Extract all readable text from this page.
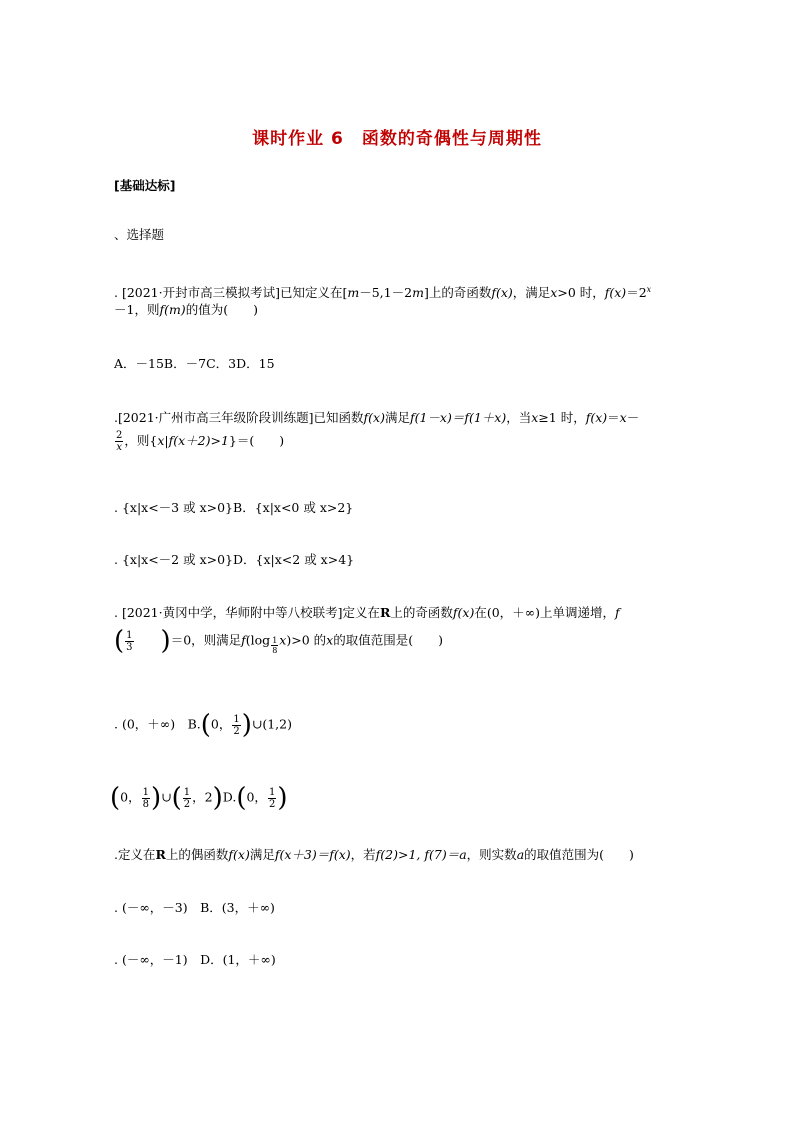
课时作业 6　函数的奇偶性与周期性
[基础达标]
、选择题
. [2021·开封市高三模拟考试]已知定义在[m－5,1－2m]上的奇函数f(x)，满足x>0 时，$f(x)=2^x$
－1，则f(m)的值为(　　)
A．－15B．－7C．3D．15
.[2021·广州市高三年级阶段训练题]已知函数f(x)满足f(1－x)＝f(1＋x)，当x≥1 时，f(x)＝x－
$\frac{2}{x}$ ，则{x|f(x＋2)>1}＝(　　)
. {x|x<－3 或 x>0}B．{x|x<0 或 x>2}
. {x|x<－2 或 x>0}D．{x|x<2 或 x>4}
. [2021·黄冈中学，华师附中等八校联考]定义在R上的奇函数f(x)在(0，＋∞)上单调递增，f
( $\frac{1}{3} )=0$，则满足$f(\log \frac{1}{8} x)>0$ 的x的取值范围是(　　)
. (0，＋∞)　B.(0， $\frac{1}{2}$ )∪(1,2)
(0， $\frac{1}{8}$ )∪( $\frac{1}{2}$ ，2)D.(0， $\frac{1}{2}$ )
.定义在R上的偶函数f(x)满足f(x＋3)＝f(x)，若f(2)>1, f(7)＝a，则实数a的取值范围为(　　)
. (－∞，－3)　B．(3，＋∞)
. (－∞，－1)　D．(1，＋∞)
